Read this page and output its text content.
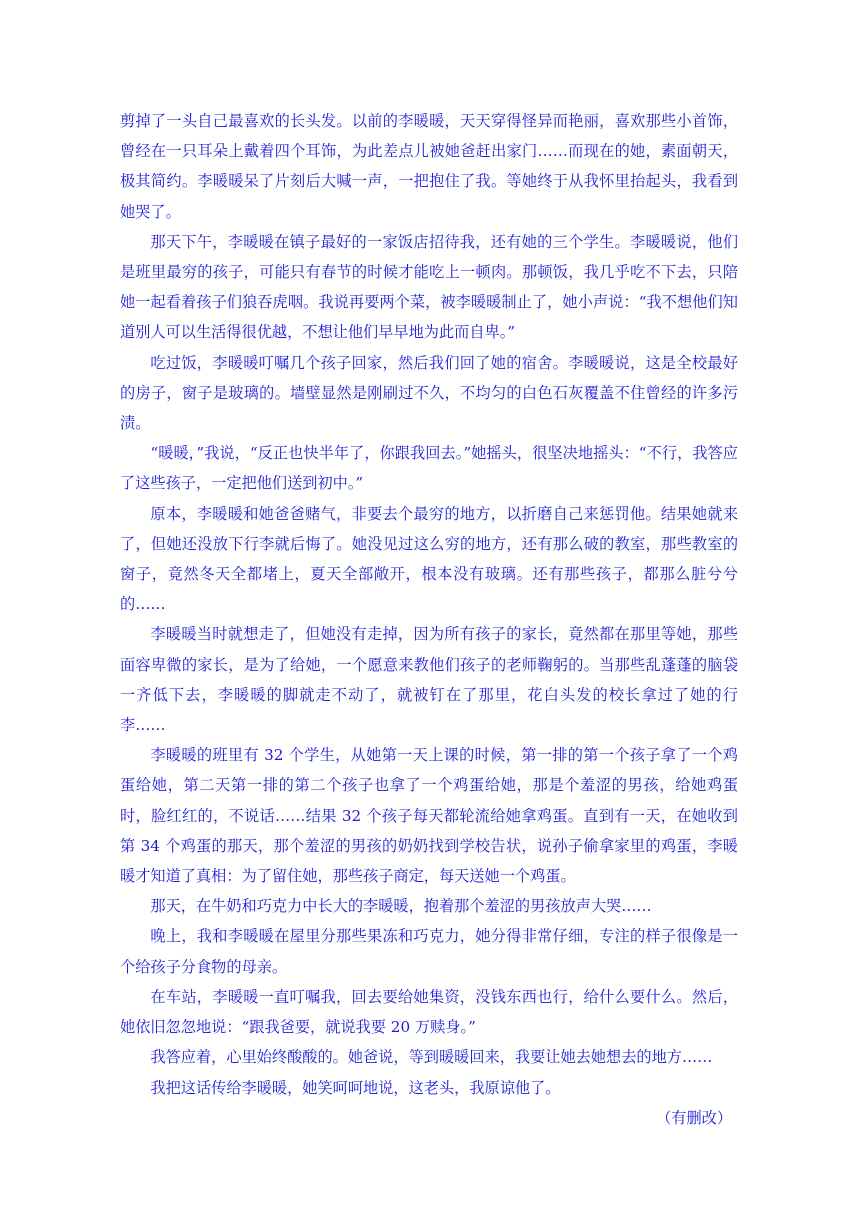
剪掉了一头自己最喜欢的长头发。以前的李暖暖，天天穿得怪异而艳丽，喜欢那些小首饰，曾经在一只耳朵上戴着四个耳饰，为此差点儿被她爸赶出家门……而现在的她，素面朝天，极其简约。李暖暖呆了片刻后大喊一声，一把抱住了我。等她终于从我怀里抬起头，我看到她哭了。

那天下午，李暖暖在镇子最好的一家饭店招待我，还有她的三个学生。李暖暖说，他们是班里最穷的孩子，可能只有春节的时候才能吃上一顿肉。那顿饭，我几乎吃不下去，只陪她一起看着孩子们狼吞虎咽。我说再要两个菜，被李暖暖制止了，她小声说：“我不想他们知道别人可以生活得很优越，不想让他们早早地为此而自卑。”

吃过饭，李暖暖叮嘱几个孩子回家，然后我们回了她的宿舍。李暖暖说，这是全校最好的房子，窗子是玻璃的。墙壁显然是刚刷过不久，不均匀的白色石灰覆盖不住曾经的许多污渍。

“暖暖，”我说，“反正也快半年了，你跟我回去。”她摇头，很坚决地摇头：“不行，我答应了这些孩子，一定把他们送到初中。”

原本，李暖暖和她爸爸赌气，非要去个最穷的地方，以折磨自己来惩罚他。结果她就来了，但她还没放下行李就后悔了。她没见过这么穷的地方，还有那么破的教室，那些教室的窗子，竟然冬天全都堵上，夏天全部敞开，根本没有玻璃。还有那些孩子，都那么脏兮兮的……

李暖暖当时就想走了，但她没有走掉，因为所有孩子的家长，竟然都在那里等她，那些面容卑微的家长，是为了给她，一个愿意来教他们孩子的老师鞠躬的。当那些乱蓬蓬的脑袋一齐低下去，李暖暖的脚就走不动了，就被钉在了那里，花白头发的校长拿过了她的行李……

李暖暖的班里有 32 个学生，从她第一天上课的时候，第一排的第一个孩子拿了一个鸡蛋给她，第二天第一排的第二个孩子也拿了一个鸡蛋给她，那是个羞涩的男孩，给她鸡蛋时，脸红红的，不说话……结果 32 个孩子每天都轮流给她拿鸡蛋。直到有一天，在她收到第 34 个鸡蛋的那天，那个羞涩的男孩的奶奶找到学校告状，说孙子偷拿家里的鸡蛋，李暖暖才知道了真相：为了留住她，那些孩子商定，每天送她一个鸡蛋。

那天，在牛奶和巧克力中长大的李暖暖，抱着那个羞涩的男孩放声大哭……

晚上，我和李暖暖在屋里分那些果冻和巧克力，她分得非常仔细，专注的样子很像是一个给孩子分食物的母亲。

在车站，李暖暖一直叮嘱我，回去要给她集资，没钱东西也行，给什么要什么。然后，她依旧忽忽地说：“跟我爸要，就说我要 20 万赎身。”

我答应着，心里始终酸酸的。她爸说，等到暖暖回来，我要让她去她想去的地方……

我把这话传给李暖暖，她笑呵呵地说，这老头，我原谅他了。

（有删改）
